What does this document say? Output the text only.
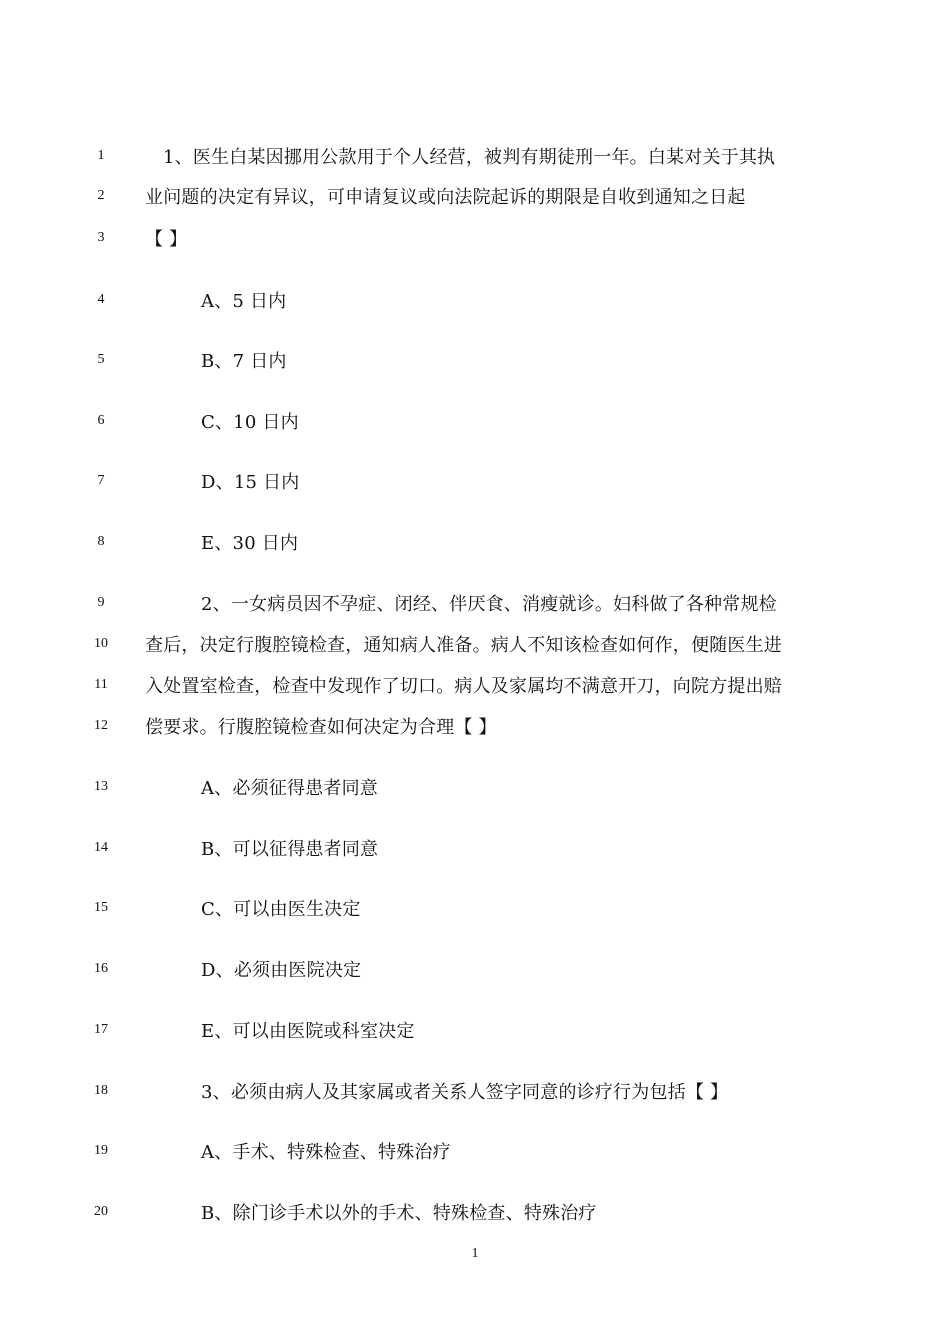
1	1、医生白某因挪用公款用于个人经营，被判有期徒刑一年。白某对关于其执
2	业问题的决定有异议，可申请复议或向法院起诉的期限是自收到通知之日起
3	【 】
4	A、5 日内
5	B、7 日内
6	C、10 日内
7	D、15 日内
8	E、30 日内
9	2、一女病员因不孕症、闭经、伴厌食、消瘦就诊。妇科做了各种常规检
10	查后，决定行腹腔镜检查，通知病人准备。病人不知该检查如何作，便随医生进
11	入处置室检查，检查中发现作了切口。病人及家属均不满意开刀，向院方提出赔
12	偿要求。行腹腔镜检查如何决定为合理【 】
13	A、必须征得患者同意
14	B、可以征得患者同意
15	C、可以由医生决定
16	D、必须由医院决定
17	E、可以由医院或科室决定
18	3、必须由病人及其家属或者关系人签字同意的诊疗行为包括【 】
19	A、手术、特殊检查、特殊治疗
20	B、除门诊手术以外的手术、特殊检查、特殊治疗
1
